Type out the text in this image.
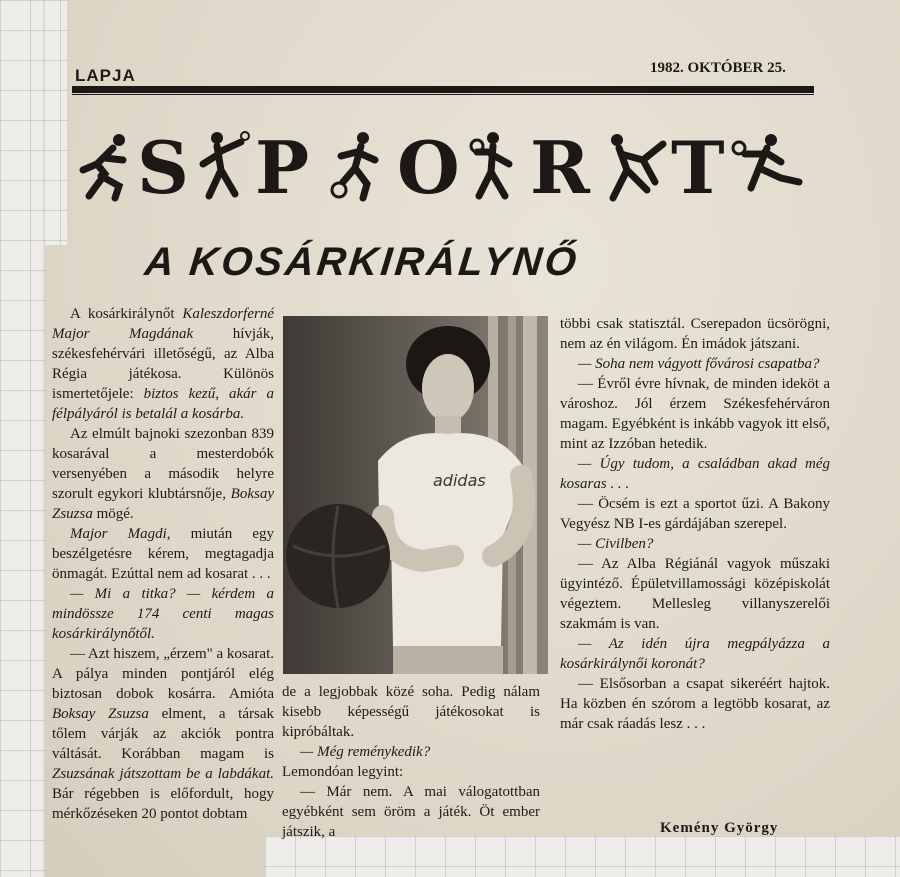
LAPJA	1982. OKTÓBER 25.
S P O R T
A KOSÁRKIRÁLYNŐ

A kosárkirálynőt Kaleszdorferné Major Magdának hívják, székesfehérvári illetőségű, az Alba Régia játékosa. Különös ismertetőjele: biztos kezű, akár a félpályáról is betalál a kosárba.

Az elmúlt bajnoki szezonban 839 kosarával a mesterdobók versenyében a második helyre szorult egykori klubtársnője, Boksay Zsuzsa mögé.

Major Magdi, miután egy beszélgetésre kérem, megtagadja önmagát. Ezúttal nem ad kosarat . . .

— Mi a titka? — kérdem a mindössze 174 centi magas kosárkirálynőtől.

— Azt hiszem, „érzem" a kosarat. A pálya minden pontjáról elég biztosan dobok kosárra. Amióta Boksay Zsuzsa elment, a társak tőlem várják az akciók pontra váltását. Korábban magam is Zsuzsának játszottam be a labdákat. Bár régebben is előfordult, hogy mérkőzéseken 20 pontot dobtam

adidas

de a legjobbak közé soha. Pedig nálam kisebb képességű játékosokat is kipróbáltak.

— Még reménykedik?

Lemondóan legyint:

— Már nem. A mai válogatottban egyébként sem öröm a játék. Öt ember játszik, a

többi csak statisztál. Cserepadon ücsörögni, nem az én világom. Én imádok játszani.

— Soha nem vágyott fővárosi csapatba?

— Évről évre hívnak, de minden ideköt a városhoz. Jól érzem Székesfehérváron magam. Egyébként is inkább vagyok itt első, mint az Izzóban hetedik.

— Úgy tudom, a családban akad még kosaras . . .

— Öcsém is ezt a sportot űzi. A Bakony Vegyész NB I-es gárdájában szerepel.

— Civilben?

— Az Alba Régiánál vagyok műszaki ügyintéző. Épületvillamossági középiskolát végeztem. Mellesleg villanyszerelői szakmám is van.

— Az idén újra megpályázza a kosárkirálynői koronát?

— Elsősorban a csapat sikeréért hajtok. Ha közben én szórom a legtöbb kosarat, az már csak ráadás lesz . . .

Kemény György
